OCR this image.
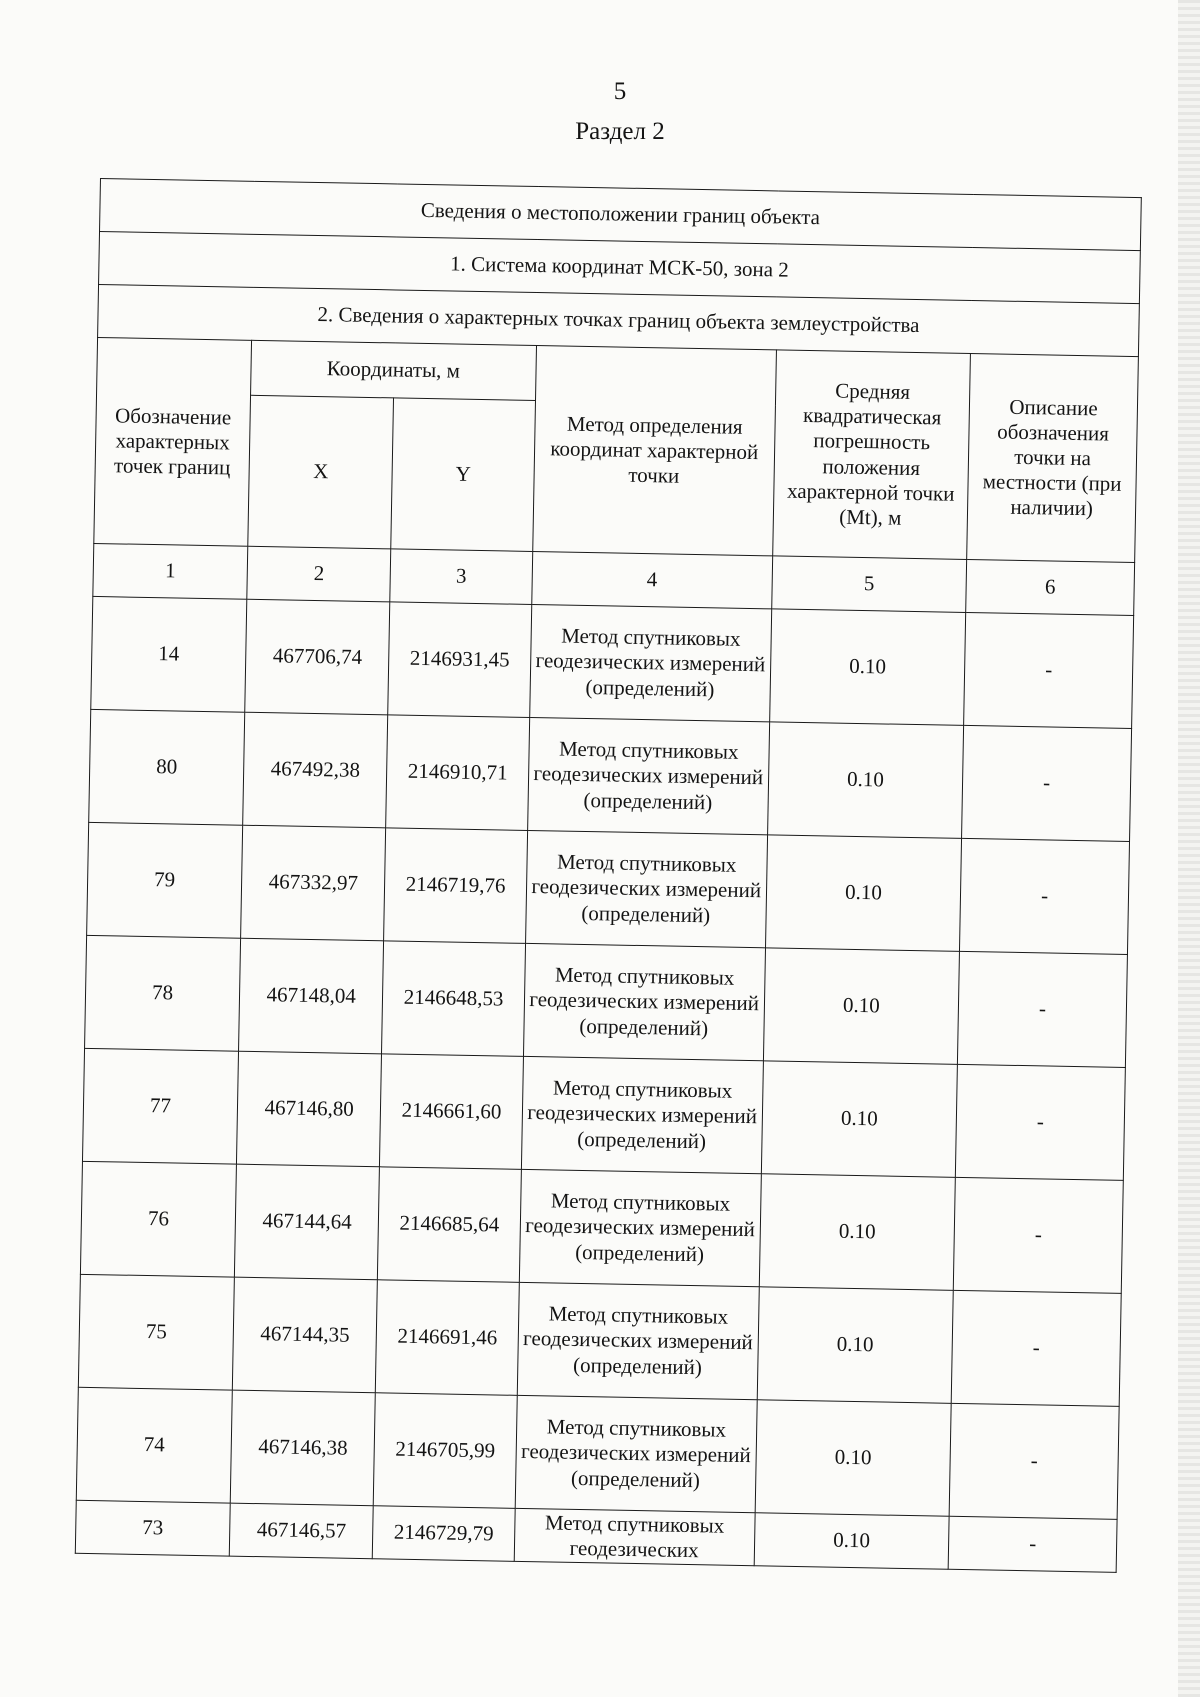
5
Раздел 2
Сведения о местоположении границ объекта					
1. Система координат МСК-50, зона 2					
2. Сведения о характерных точках границ объекта землеустройства					
Обозначение характерных точек границ	Координаты, м		Метод определения координат характерной точки	Средняя квадратическая погрешность положения характерной точки (Mt), м	Описание обозначения точки на местности (при наличии)
	X	Y			
1	2	3	4	5	6
14	467706,74	2146931,45	Метод спутниковых геодезических измерений (определений)	0.10	-
80	467492,38	2146910,71	Метод спутниковых геодезических измерений (определений)	0.10	-
79	467332,97	2146719,76	Метод спутниковых геодезических измерений (определений)	0.10	-
78	467148,04	2146648,53	Метод спутниковых геодезических измерений (определений)	0.10	-
77	467146,80	2146661,60	Метод спутниковых геодезических измерений (определений)	0.10	-
76	467144,64	2146685,64	Метод спутниковых геодезических измерений (определений)	0.10	-
75	467144,35	2146691,46	Метод спутниковых геодезических измерений (определений)	0.10	-
74	467146,38	2146705,99	Метод спутниковых геодезических измерений (определений)	0.10	-
73	467146,57	2146729,79	Метод спутниковых геодезических	0.10	-
